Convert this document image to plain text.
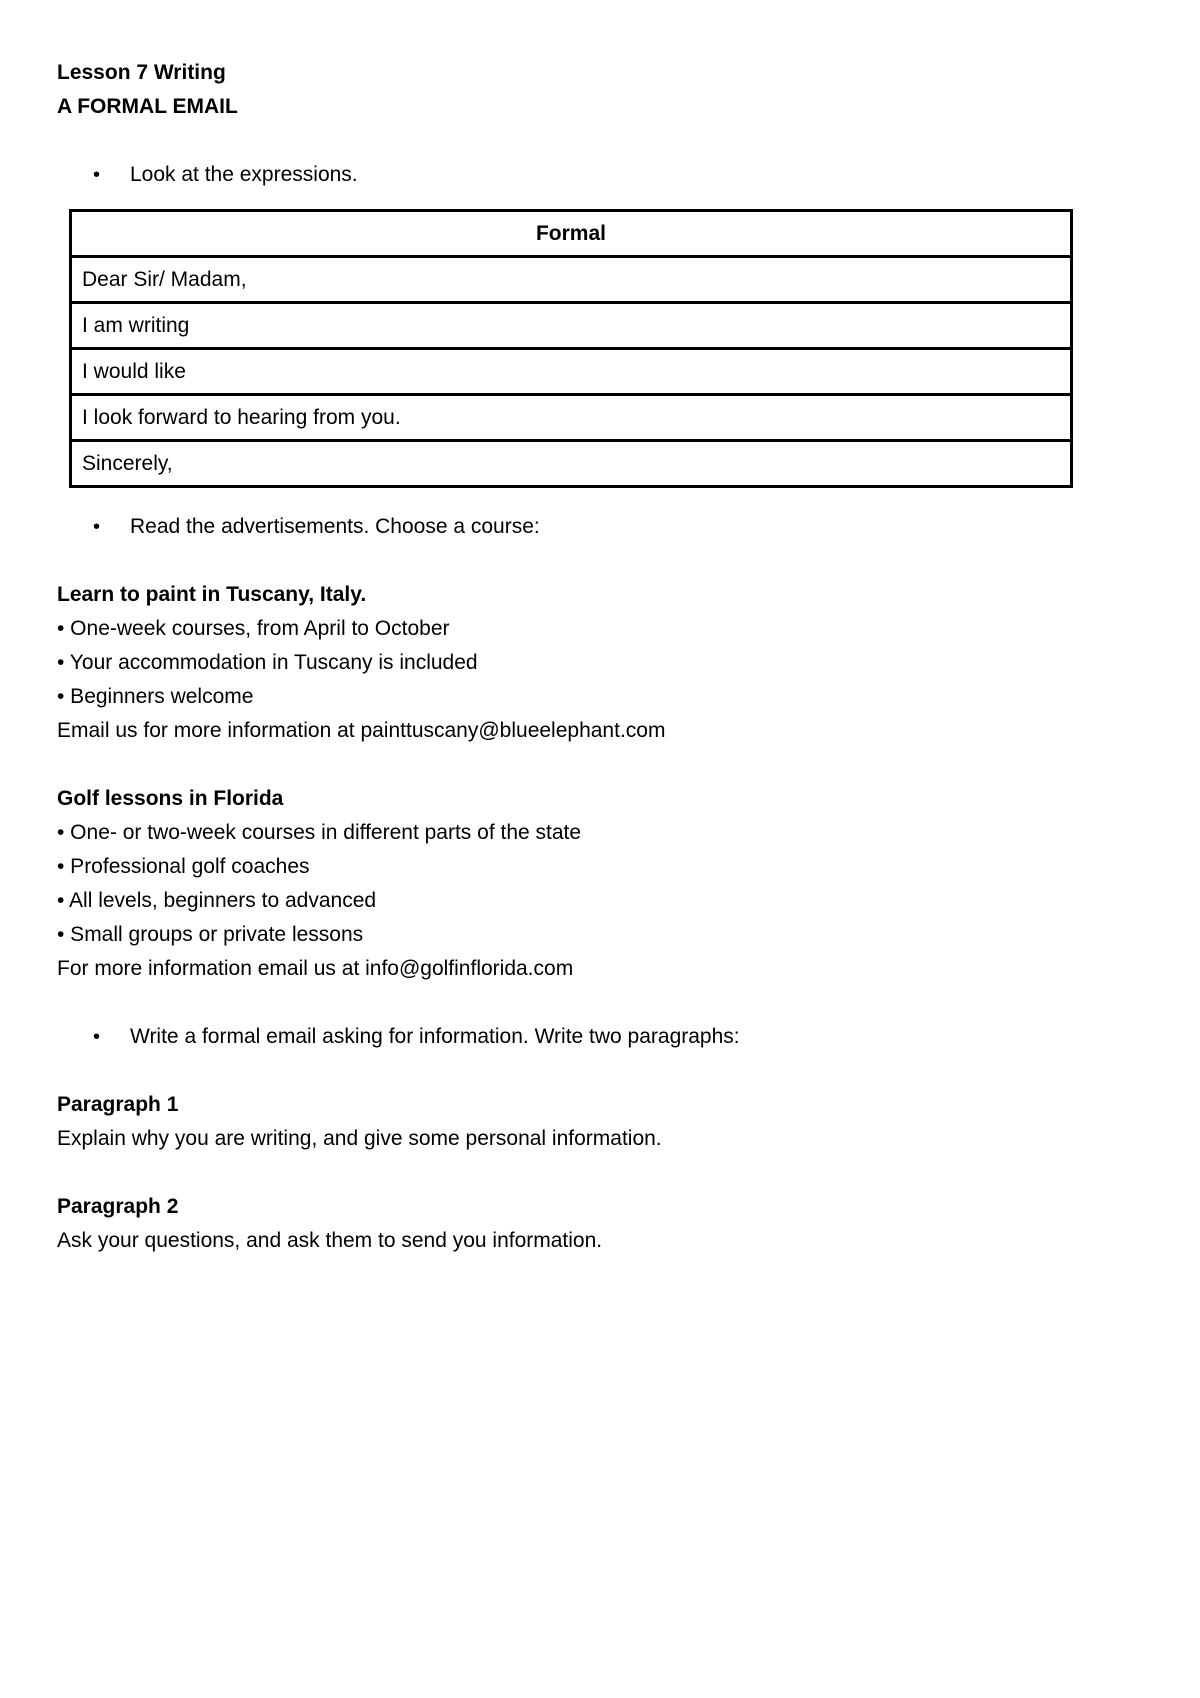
Lesson 7 Writing
A FORMAL EMAIL
•	Look at the expressions.
Formal
Dear Sir/ Madam,
I am writing
I would like
I look forward to hearing from you.
Sincerely,
•	Read the advertisements. Choose a course:
Learn to paint in Tuscany, Italy.
• One-week courses, from April to October
• Your accommodation in Tuscany is included
• Beginners welcome
Email us for more information at painttuscany@blueelephant.com
Golf lessons in Florida
• One- or two-week courses in different parts of the state
• Professional golf coaches
• All levels, beginners to advanced
• Small groups or private lessons
For more information email us at info@golfinflorida.com
•	Write a formal email asking for information. Write two paragraphs:
Paragraph 1
Explain why you are writing, and give some personal information.
Paragraph 2
Ask your questions, and ask them to send you information.
